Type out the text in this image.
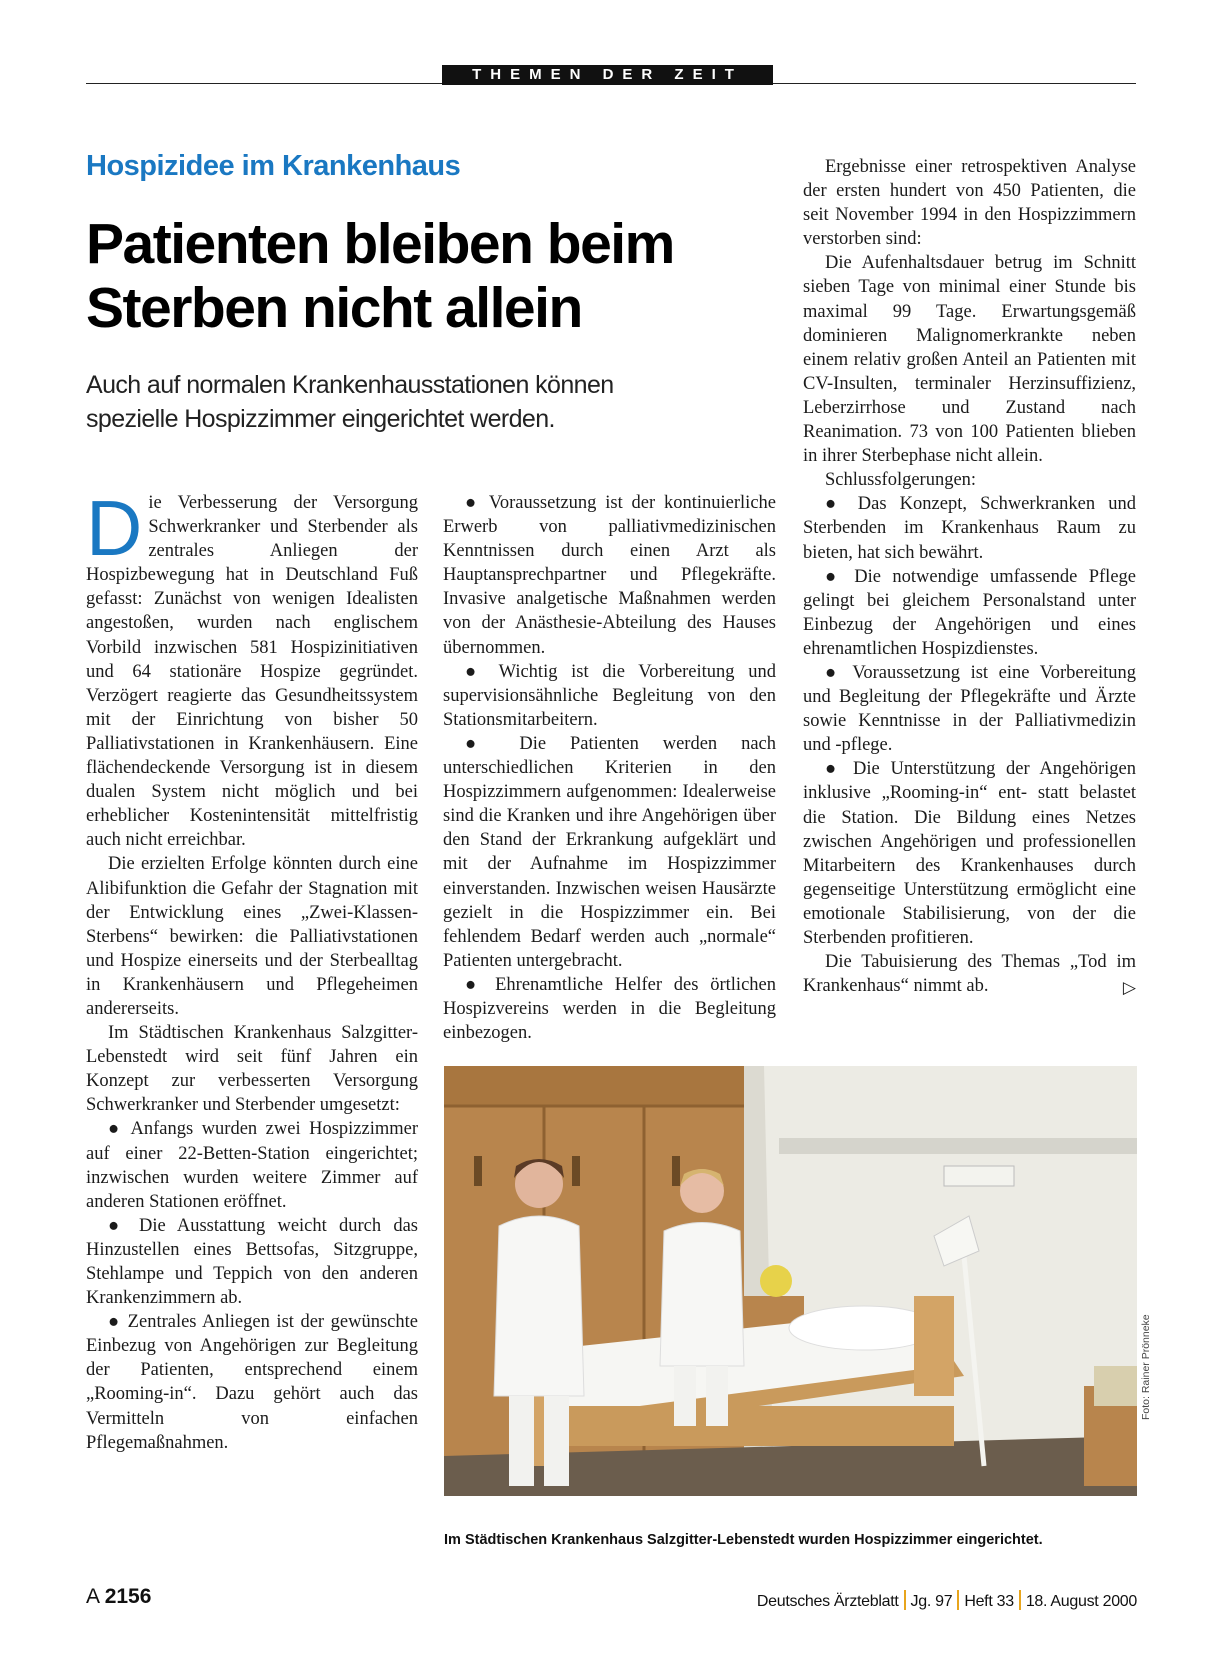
THEMEN DER ZEIT
Hospizidee im Krankenhaus
Patienten bleiben beim
Sterben nicht allein
Auch auf normalen Krankenhausstationen können
spezielle Hospizzimmer eingerichtet werden.

Die Verbesserung der Versorgung Schwerkranker und Sterbender als zentrales Anliegen der Hospizbewegung hat in Deutschland Fuß gefasst: Zunächst von wenigen Idealisten angestoßen, wurden nach englischem Vorbild inzwischen 581 Hospizinitiativen und 64 stationäre Hospize gegründet. Verzögert reagierte das Gesundheitssystem mit der Einrichtung von bisher 50 Palliativstationen in Krankenhäusern. Eine flächendeckende Versorgung ist in diesem dualen System nicht möglich und bei erheblicher Kostenintensität mittelfristig auch nicht erreichbar.

Die erzielten Erfolge könnten durch eine Alibifunktion die Gefahr der Stagnation mit der Entwicklung eines „Zwei-Klassen-Sterbens“ bewirken: die Palliativstationen und Hospize einerseits und der Sterbealltag in Krankenhäusern und Pflegeheimen andererseits.

Im Städtischen Krankenhaus Salzgitter-Lebenstedt wird seit fünf Jahren ein Konzept zur verbesserten Versorgung Schwerkranker und Sterbender umgesetzt:

● Anfangs wurden zwei Hospizzimmer auf einer 22-Betten-Station eingerichtet; inzwischen wurden weitere Zimmer auf anderen Stationen eröffnet.

● Die Ausstattung weicht durch das Hinzustellen eines Bettsofas, Sitzgruppe, Stehlampe und Teppich von den anderen Krankenzimmern ab.

● Zentrales Anliegen ist der gewünschte Einbezug von Angehörigen zur Begleitung der Patienten, entsprechend einem „Rooming-in“. Dazu gehört auch das Vermitteln von einfachen Pflegemaßnahmen.

● Voraussetzung ist der kontinuierliche Erwerb von palliativmedizinischen Kenntnissen durch einen Arzt als Hauptansprechpartner und Pflegekräfte. Invasive analgetische Maßnahmen werden von der Anästhesie-Abteilung des Hauses übernommen.

● Wichtig ist die Vorbereitung und supervisionsähnliche Begleitung von den Stationsmitarbeitern.

● Die Patienten werden nach unterschiedlichen Kriterien in den Hospizzimmern aufgenommen: Idealerweise sind die Kranken und ihre Angehörigen über den Stand der Erkrankung aufgeklärt und mit der Aufnahme im Hospizzimmer einverstanden. Inzwischen weisen Hausärzte gezielt in die Hospizzimmer ein. Bei fehlendem Bedarf werden auch „normale“ Patienten untergebracht.

● Ehrenamtliche Helfer des örtlichen Hospizvereins werden in die Begleitung einbezogen.

Ergebnisse einer retrospektiven Analyse der ersten hundert von 450 Patienten, die seit November 1994 in den Hospizzimmern verstorben sind:

Die Aufenhaltsdauer betrug im Schnitt sieben Tage von minimal einer Stunde bis maximal 99 Tage. Erwartungsgemäß dominieren Malignomerkrankte neben einem relativ großen Anteil an Patienten mit CV-Insulten, terminaler Herzinsuffizienz, Leberzirrhose und Zustand nach Reanimation. 73 von 100 Patienten blieben in ihrer Sterbephase nicht allein.

Schlussfolgerungen:

● Das Konzept, Schwerkranken und Sterbenden im Krankenhaus Raum zu bieten, hat sich bewährt.

● Die notwendige umfassende Pflege gelingt bei gleichem Personalstand unter Einbezug der Angehörigen und eines ehrenamtlichen Hospizdienstes.

● Voraussetzung ist eine Vorbereitung und Begleitung der Pflegekräfte und Ärzte sowie Kenntnisse in der Palliativmedizin und -pflege.

● Die Unterstützung der Angehörigen inklusive „Rooming-in“ ent- statt belastet die Station. Die Bildung eines Netzes zwischen Angehörigen und professionellen Mitarbeitern des Krankenhauses durch gegenseitige Unterstützung ermöglicht eine emotionale Stabilisierung, von der die Sterbenden profitieren.

Die Tabuisierung des Themas „Tod im Krankenhaus“ nimmt ab.	▷

Foto: Rainer Prönneke
Im Städtischen Krankenhaus Salzgitter-Lebenstedt wurden Hospizzimmer eingerichtet.
A 2156	Deutsches Ärzteblatt Jg. 97 Heft 33 18. August 2000
